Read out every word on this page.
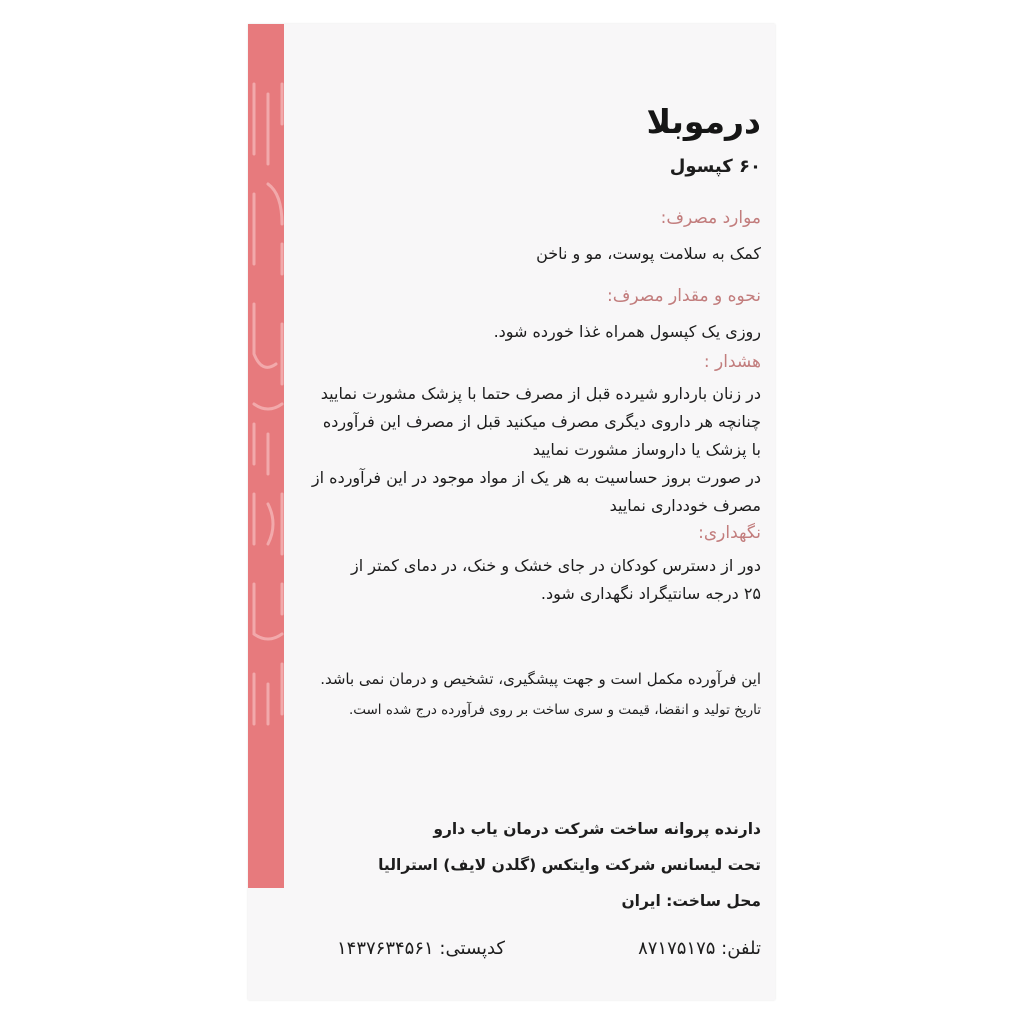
درموبلا
۶۰ کپسول
موارد مصرف:
کمک به سلامت پوست، مو و ناخن
نحوه و مقدار مصرف:
روزی یک کپسول همراه غذا خورده شود.
هشدار :
در زنان باردارو شیرده قبل از مصرف حتما با پزشک مشورت نمایید
چنانچه هر داروی دیگری مصرف میکنید قبل از مصرف این فرآورده
با پزشک یا داروساز مشورت نمایید
در صورت بروز حساسیت به هر یک از مواد موجود در این فرآورده از
مصرف خودداری نمایید
نگهداری:
دور از دسترس کودکان در جای خشک و خنک، در دمای کمتر از
۲۵ درجه سانتیگراد نگهداری شود.
این فرآورده مکمل است و جهت پیشگیری، تشخیص و درمان نمی باشد.
تاریخ تولید و انقضا، قیمت و سری ساخت بر روی فرآورده درج شده است.
دارنده پروانه ساخت شرکت درمان یاب دارو
تحت لیسانس شرکت وایتکس (گلدن لایف) استرالیا
محل ساخت: ایران
تلفن: ۸۷۱۷۵۱۷۵
کدپستی: ۱۴۳۷۶۳۴۵۶۱
